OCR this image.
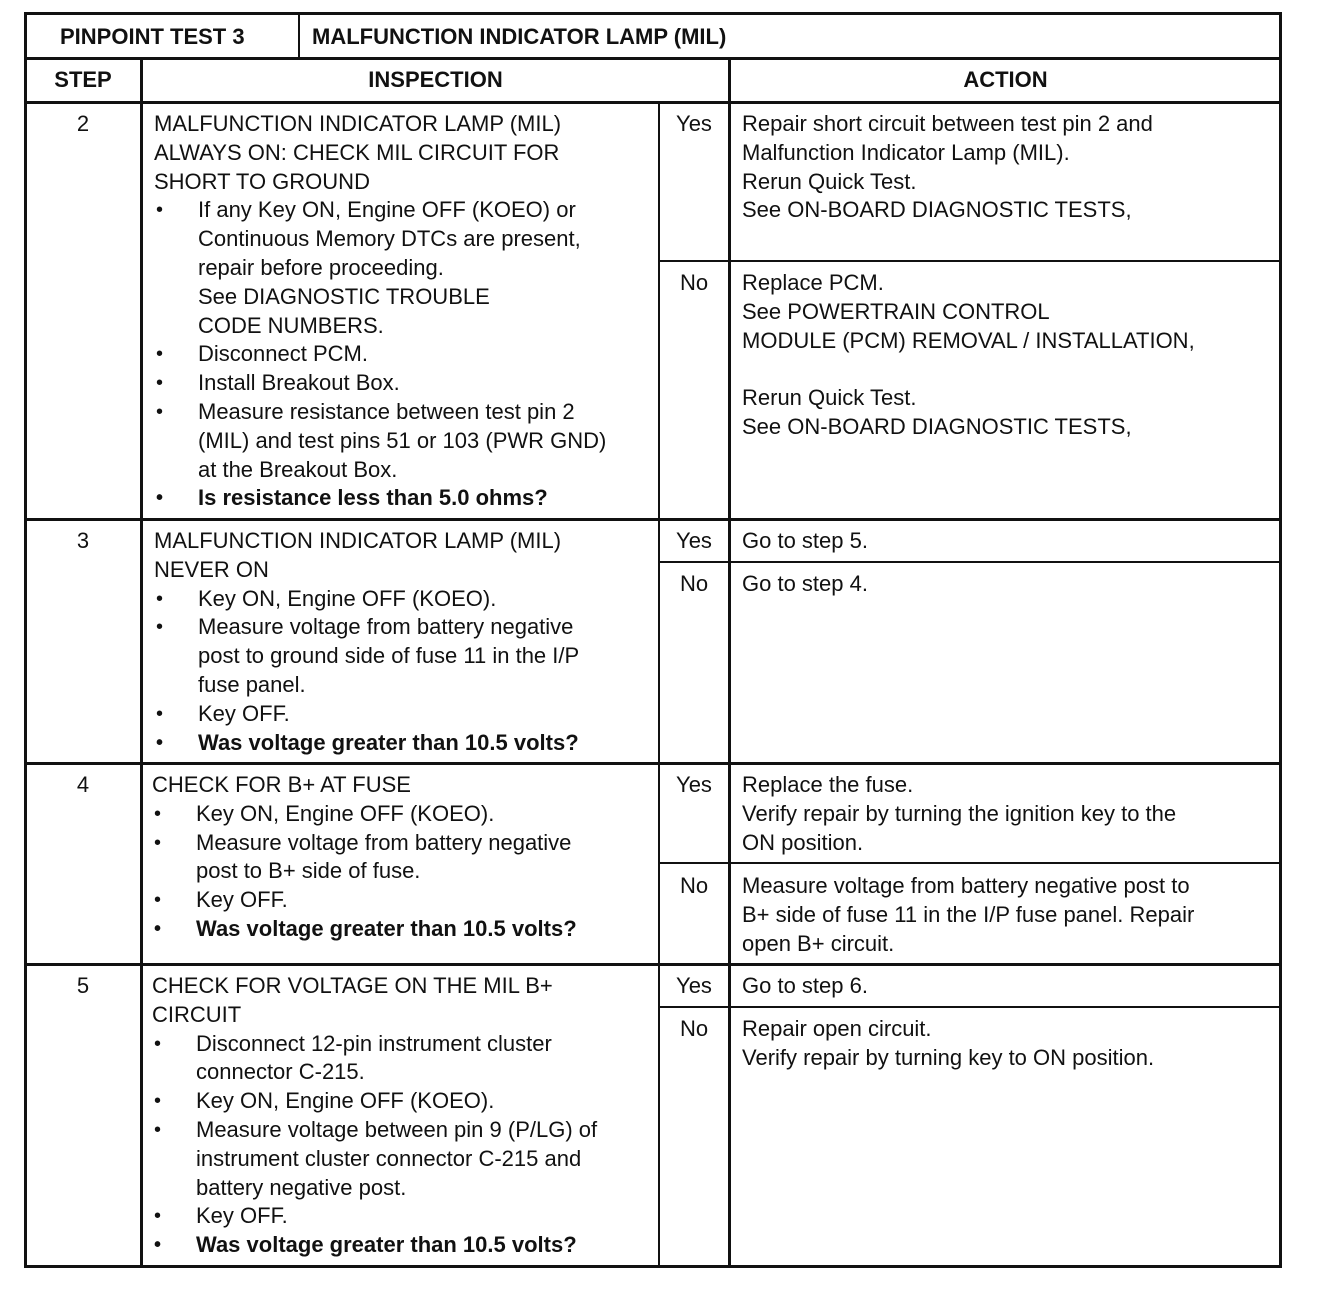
PINPOINT TEST 3	MALFUNCTION INDICATOR LAMP (MIL)
STEP	INSPECTION	ACTION
2	MALFUNCTION INDICATOR LAMP (MIL)
ALWAYS ON: CHECK MIL CIRCUIT FOR
SHORT TO GROUND
• If any Key ON, Engine OFF (KOEO) or
Continuous Memory DTCs are present,
repair before proceeding.
See DIAGNOSTIC TROUBLE
CODE NUMBERS.
• Disconnect PCM.
• Install Breakout Box.
• Measure resistance between test pin 2
(MIL) and test pins 51 or 103 (PWR GND)
at the Breakout Box.
• Is resistance less than 5.0 ohms?
Yes	Repair short circuit between test pin 2 and
Malfunction Indicator Lamp (MIL).
Rerun Quick Test.
See ON-BOARD DIAGNOSTIC TESTS,
No	Replace PCM.
See POWERTRAIN CONTROL
MODULE (PCM) REMOVAL / INSTALLATION,
Rerun Quick Test.
See ON-BOARD DIAGNOSTIC TESTS,
3	MALFUNCTION INDICATOR LAMP (MIL)
NEVER ON
• Key ON, Engine OFF (KOEO).
• Measure voltage from battery negative
post to ground side of fuse 11 in the I/P
fuse panel.
• Key OFF.
• Was voltage greater than 10.5 volts?
Yes	Go to step 5.
No	Go to step 4.
4	CHECK FOR B+ AT FUSE
• Key ON, Engine OFF (KOEO).
• Measure voltage from battery negative
post to B+ side of fuse.
• Key OFF.
• Was voltage greater than 10.5 volts?
Yes	Replace the fuse.
Verify repair by turning the ignition key to the
ON position.
No	Measure voltage from battery negative post to
B+ side of fuse 11 in the I/P fuse panel. Repair
open B+ circuit.
5	CHECK FOR VOLTAGE ON THE MIL B+
CIRCUIT
• Disconnect 12-pin instrument cluster
connector C-215.
• Key ON, Engine OFF (KOEO).
• Measure voltage between pin 9 (P/LG) of
instrument cluster connector C-215 and
battery negative post.
• Key OFF.
• Was voltage greater than 10.5 volts?
Yes	Go to step 6.
No	Repair open circuit.
Verify repair by turning key to ON position.
